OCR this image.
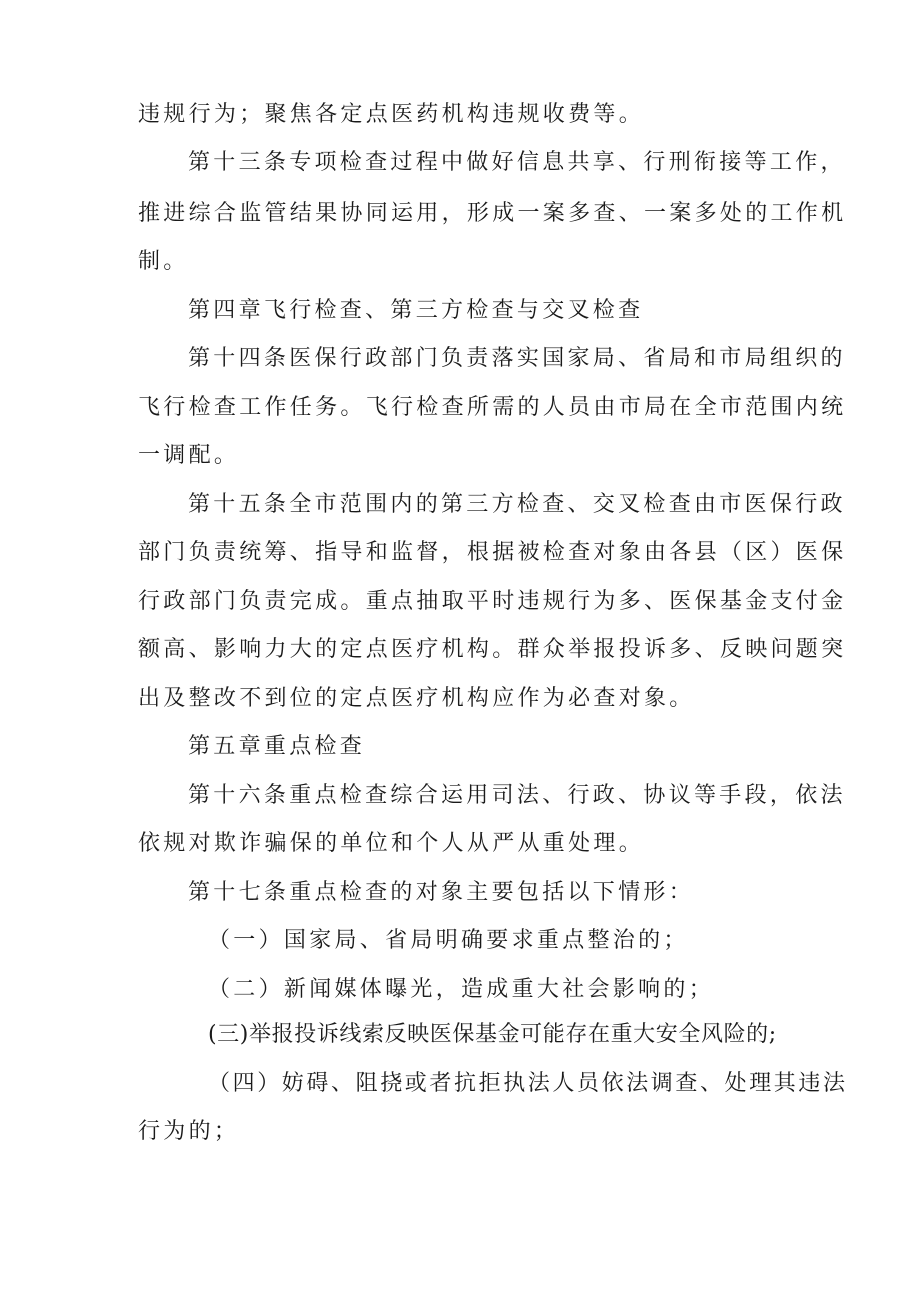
违规行为；聚焦各定点医药机构违规收费等。
第十三条专项检查过程中做好信息共享、行刑衔接等工作，
推进综合监管结果协同运用，形成一案多查、一案多处的工作机
制。
第四章飞行检查、第三方检查与交叉检查
第十四条医保行政部门负责落实国家局、省局和市局组织的
飞行检查工作任务。飞行检查所需的人员由市局在全市范围内统
一调配。
第十五条全市范围内的第三方检查、交叉检查由市医保行政
部门负责统筹、指导和监督，根据被检查对象由各县（区）医保
行政部门负责完成。重点抽取平时违规行为多、医保基金支付金
额高、影响力大的定点医疗机构。群众举报投诉多、反映问题突
出及整改不到位的定点医疗机构应作为必查对象。
第五章重点检查
第十六条重点检查综合运用司法、行政、协议等手段，依法
依规对欺诈骗保的单位和个人从严从重处理。
第十七条重点检查的对象主要包括以下情形：
（一）国家局、省局明确要求重点整治的；
（二）新闻媒体曝光，造成重大社会影响的；
(三)举报投诉线索反映医保基金可能存在重大安全风险的;
（四）妨碍、阻挠或者抗拒执法人员依法调查、处理其违法
行为的；
